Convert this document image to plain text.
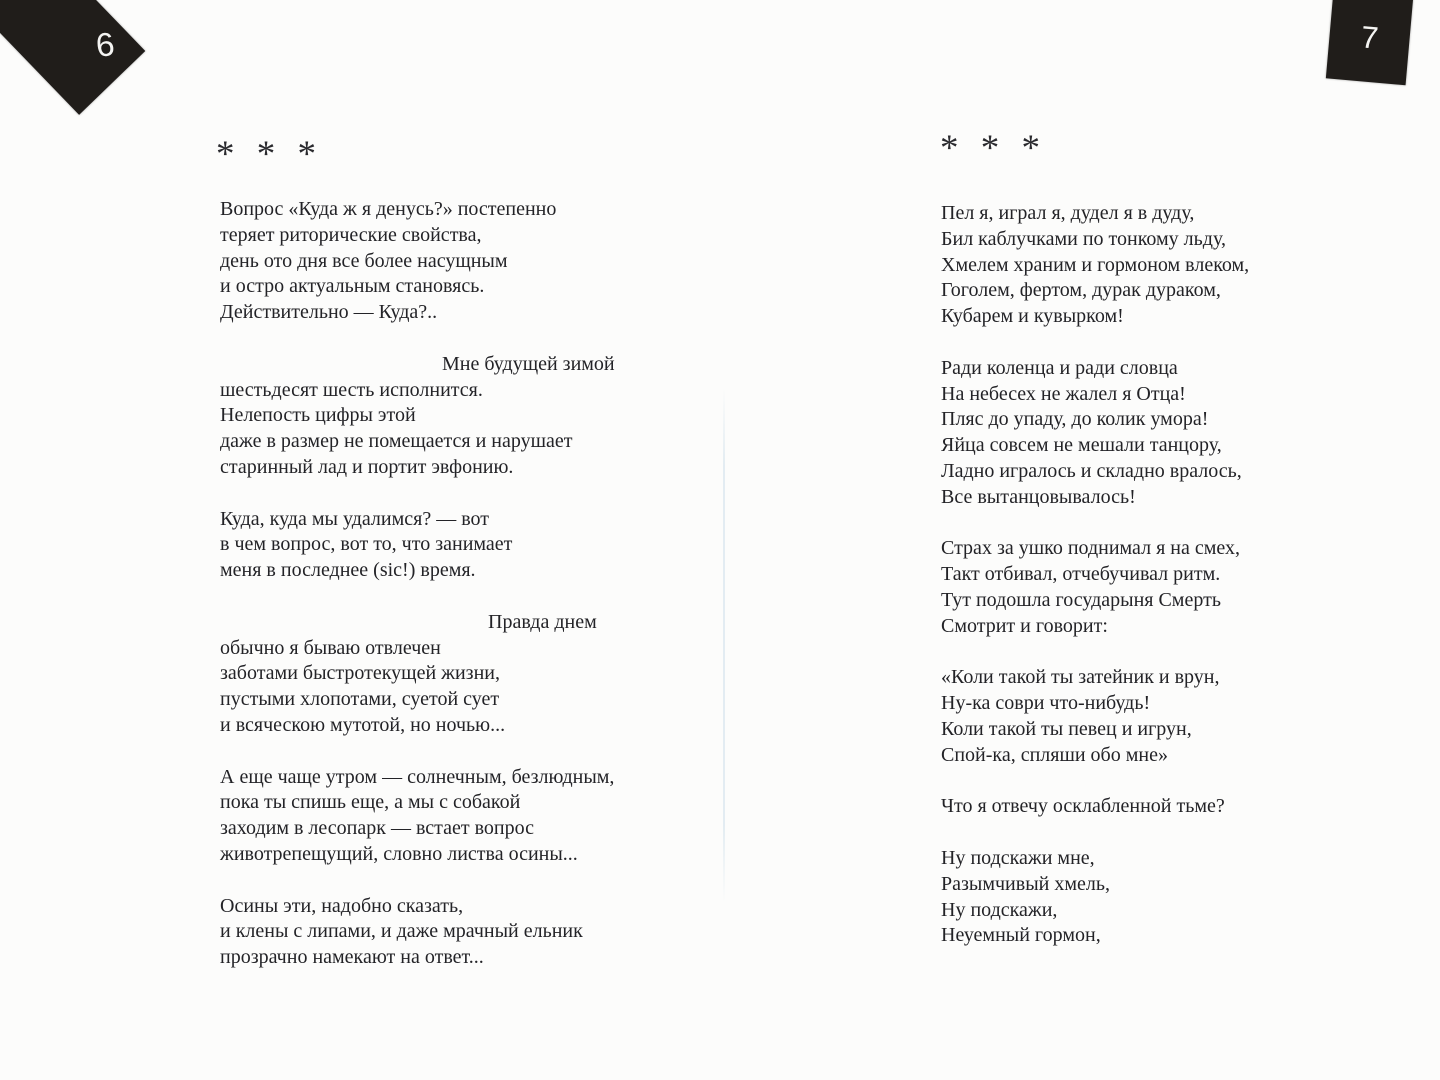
6	7
* * *
Вопрос «Куда ж я денусь?» постепенно
теряет риторические свойства,
день ото дня все более насущным
и остро актуальным становясь.
Действительно — Куда?..
Мне будущей зимой
шестьдесят шесть исполнится.
Нелепость цифры этой
даже в размер не помещается и нарушает
старинный лад и портит эвфонию.
Куда, куда мы удалимся? — вот
в чем вопрос, вот то, что занимает
меня в последнее (sic!) время.
Правда днем
обычно я бываю отвлечен
заботами быстротекущей жизни,
пустыми хлопотами, суетой сует
и всяческою мутотой, но ночью...
А еще чаще утром — солнечным, безлюдным,
пока ты спишь еще, а мы с собакой
заходим в лесопарк — встает вопрос
животрепещущий, словно листва осины...
Осины эти, надобно сказать,
и клены с липами, и даже мрачный ельник
прозрачно намекают на ответ...
* * *
Пел я, играл я, дудел я в дуду,
Бил каблучками по тонкому льду,
Хмелем храним и гормоном влеком,
Гоголем, фертом, дурак дураком,
Кубарем и кувырком!
Ради коленца и ради словца
На небесех не жалел я Отца!
Пляс до упаду, до колик умора!
Яйца совсем не мешали танцору,
Ладно игралось и складно вралось,
Все вытанцовывалось!
Страх за ушко поднимал я на смех,
Такт отбивал, отчебучивал ритм.
Тут подошла государыня Смерть
Смотрит и говорит:
«Коли такой ты затейник и врун,
Ну-ка соври что-нибудь!
Коли такой ты певец и игрун,
Спой-ка, спляши обо мне»
Что я отвечу осклабленной тьме?
Ну подскажи мне,
Разымчивый хмель,
Ну подскажи,
Неуемный гормон,
